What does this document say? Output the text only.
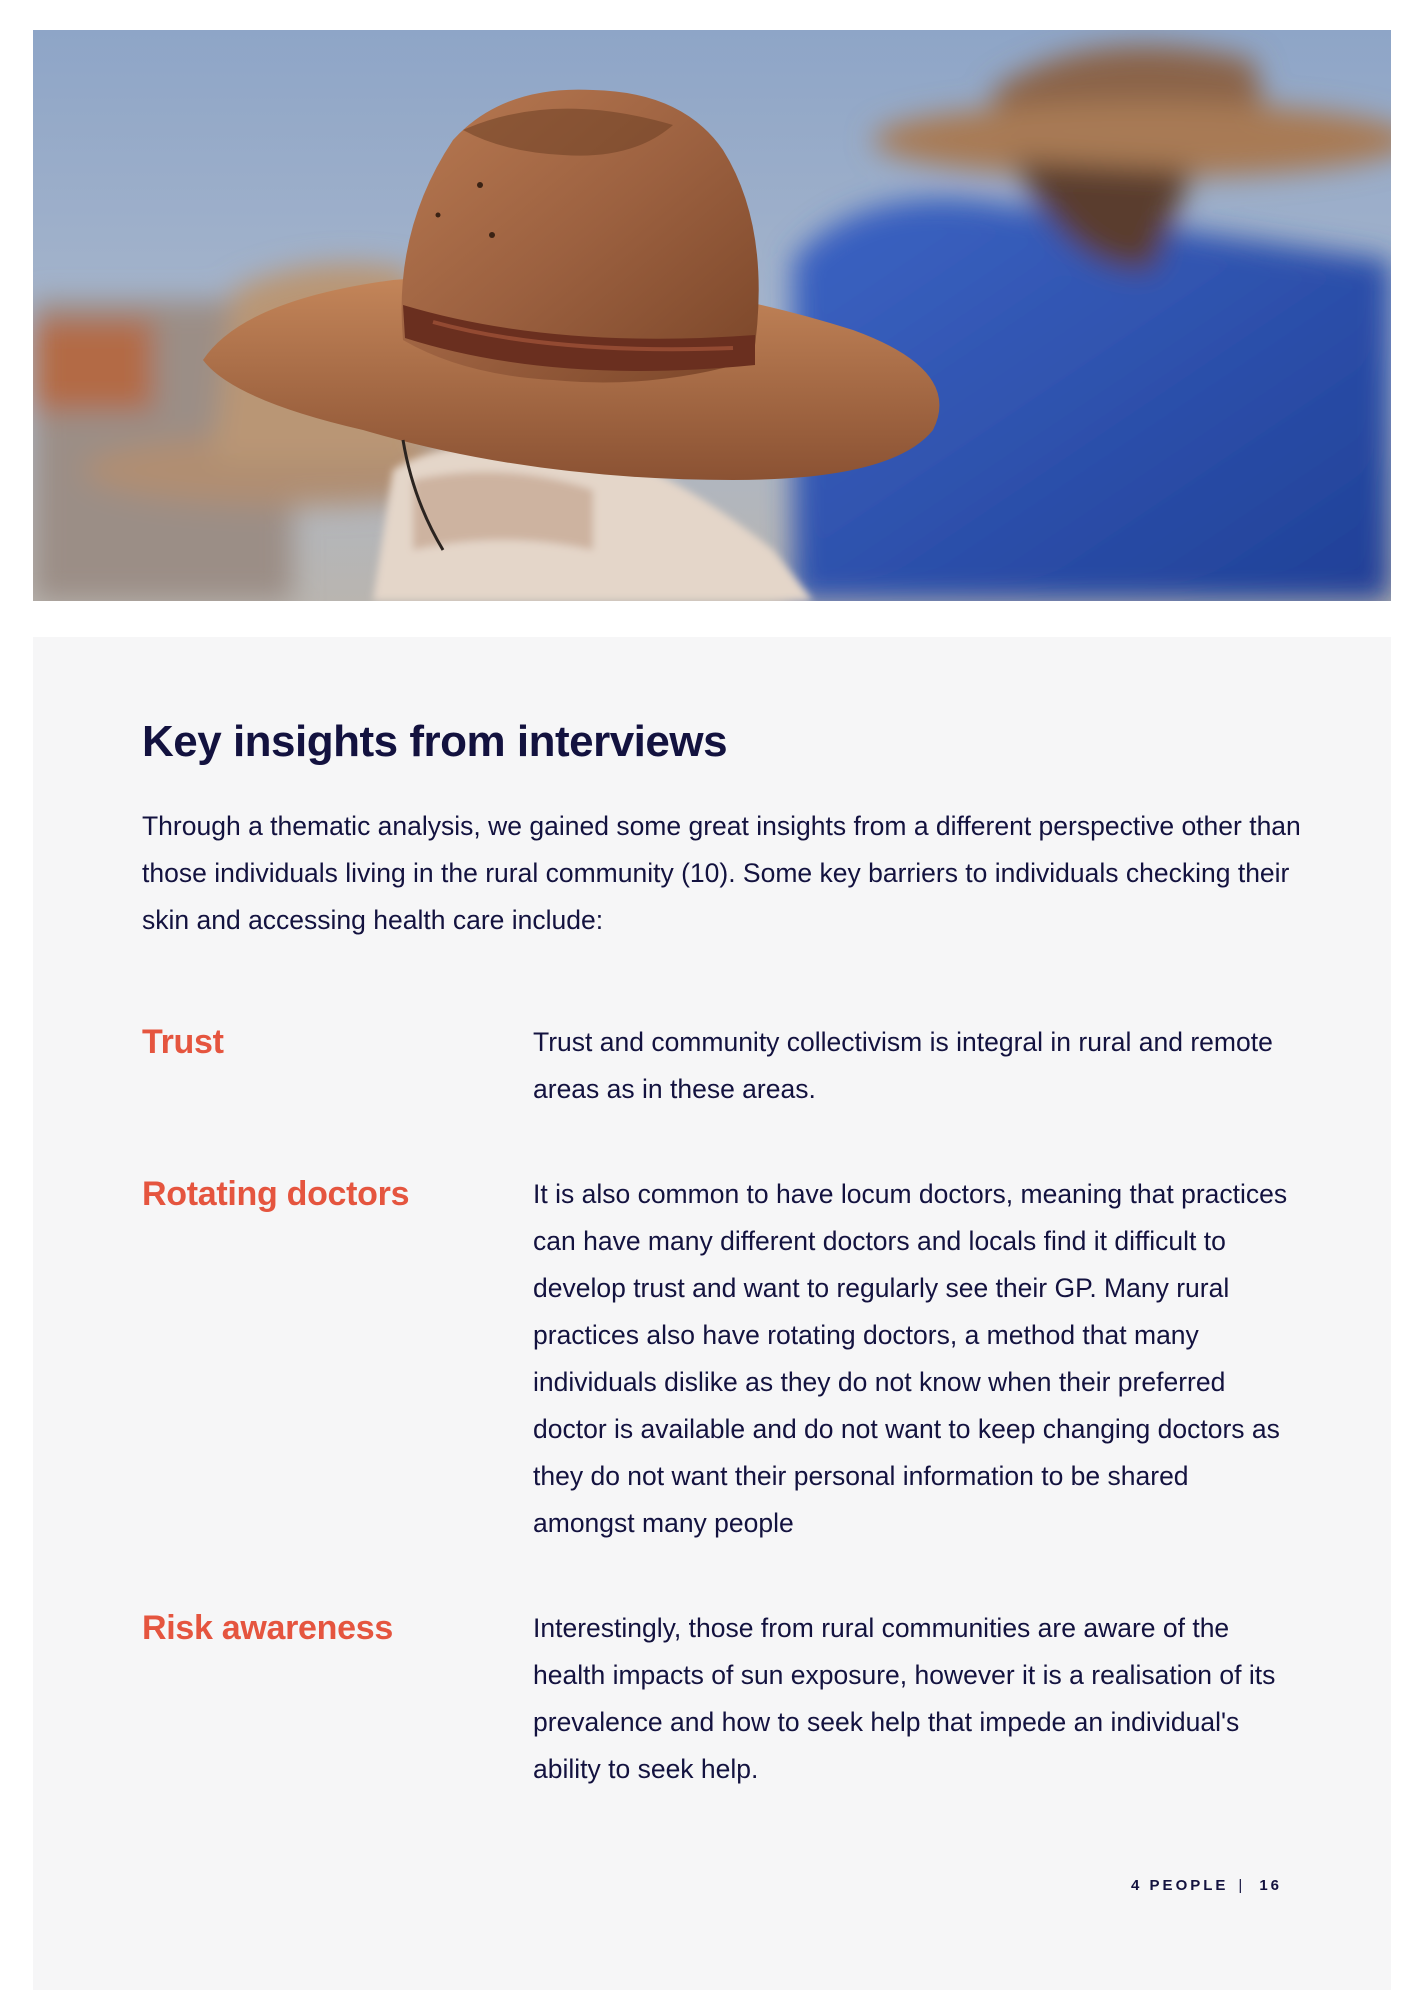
Key insights from interviews

Through a thematic analysis, we gained some great insights from a different perspective other than those individuals living in the rural community (10). Some key barriers to individuals checking their skin and accessing health care include:

Trust	Trust and community collectivism is integral in rural and remote areas as in these areas.

Rotating doctors	It is also common to have locum doctors, meaning that practices can have many different doctors and locals find it difficult to develop trust and want to regularly see their GP. Many rural practices also have rotating doctors, a method that many individuals dislike as they do not know when their preferred doctor is available and do not want to keep changing doctors as they do not want their personal information to be shared amongst many people

Risk awareness	Interestingly, those from rural communities are aware of the health impacts of sun exposure, however it is a realisation of its prevalence and how to seek help that impede an individual's ability to seek help.

4 PEOPLE | 16
